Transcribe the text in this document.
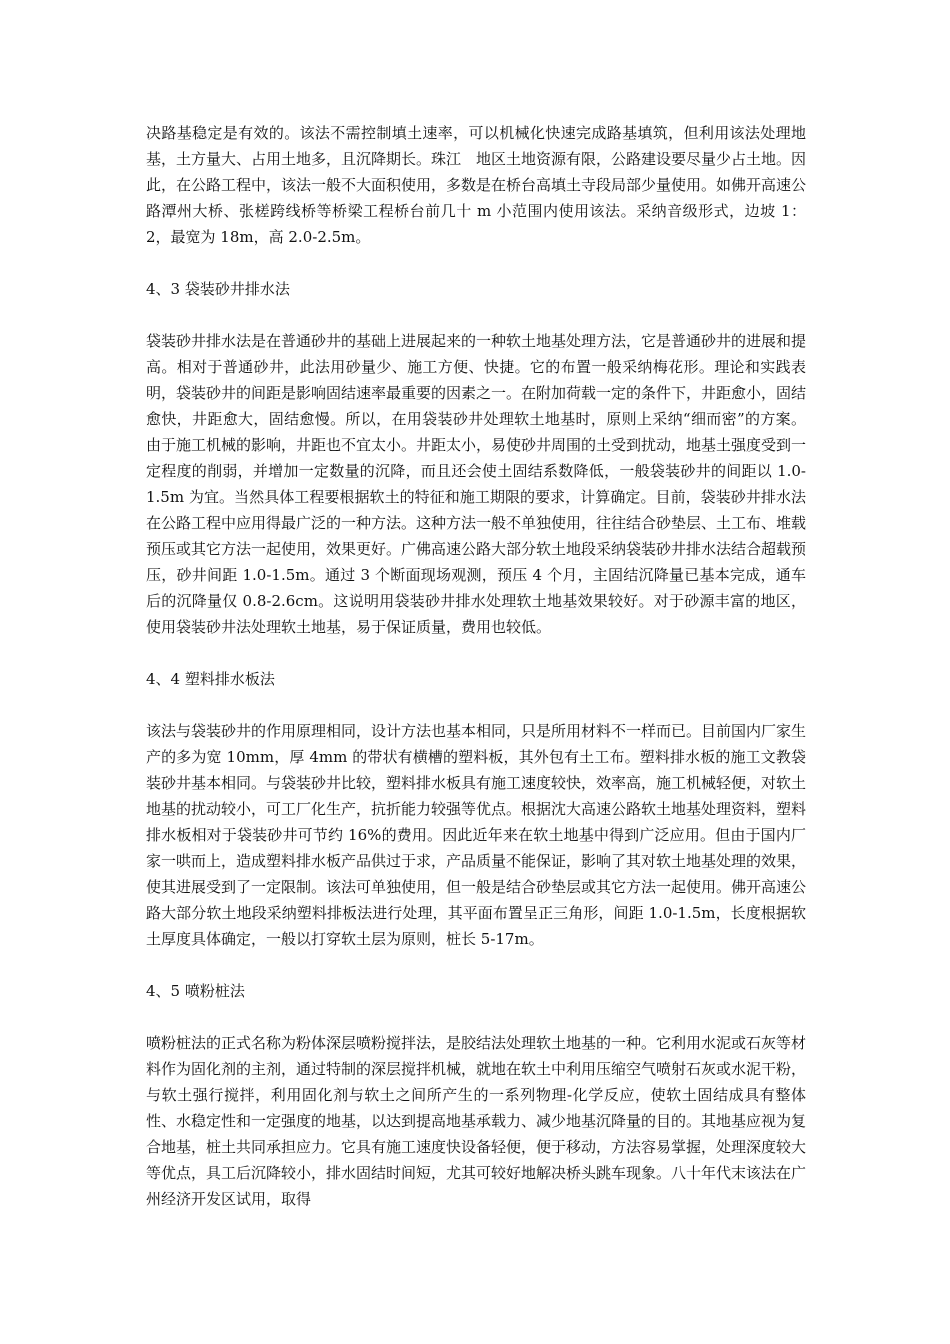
决路基稳定是有效的。该法不需控制填土速率，可以机械化快速完成路基填筑，但利用该法处理地基，土方量大、占用土地多，且沉降期长。珠江　地区土地资源有限，公路建设要尽量少占土地。因此，在公路工程中，该法一般不大面积使用，多数是在桥台高填土寺段局部少量使用。如佛开高速公路潭州大桥、张槎跨线桥等桥梁工程桥台前几十 m 小范围内使用该法。采纳音级形式，边坡 1：2，最宽为 18m，高 2.0-2.5m。

4、3 袋装砂井排水法

袋装砂井排水法是在普通砂井的基础上进展起来的一种软土地基处理方法，它是普通砂井的进展和提高。相对于普通砂井，此法用砂量少、施工方便、快捷。它的布置一般采纳梅花形。理论和实践表明，袋装砂井的间距是影响固结速率最重要的因素之一。在附加荷载一定的条件下，井距愈小，固结愈快，井距愈大，固结愈慢。所以，在用袋装砂井处理软土地基时，原则上采纳“细而密”的方案。由于施工机械的影响，井距也不宜太小。井距太小，易使砂井周围的土受到扰动，地基土强度受到一定程度的削弱，并增加一定数量的沉降，而且还会使土固结系数降低，一般袋装砂井的间距以 1.0-1.5m 为宜。当然具体工程要根据软土的特征和施工期限的要求，计算确定。目前，袋装砂井排水法在公路工程中应用得最广泛的一种方法。这种方法一般不单独使用，往往结合砂垫层、土工布、堆载预压或其它方法一起使用，效果更好。广佛高速公路大部分软土地段采纳袋装砂井排水法结合超载预压，砂井间距 1.0-1.5m。通过 3 个断面现场观测，预压 4 个月，主固结沉降量已基本完成，通车后的沉降量仅 0.8-2.6cm。这说明用袋装砂井排水处理软土地基效果较好。对于砂源丰富的地区，使用袋装砂井法处理软土地基，易于保证质量，费用也较低。

4、4 塑料排水板法

该法与袋装砂井的作用原理相同，设计方法也基本相同，只是所用材料不一样而已。目前国内厂家生产的多为宽 10mm，厚 4mm 的带状有横槽的塑料板，其外包有土工布。塑料排水板的施工文教袋装砂井基本相同。与袋装砂井比较，塑料排水板具有施工速度较快，效率高，施工机械轻便，对软土地基的扰动较小，可工厂化生产，抗折能力较强等优点。根据沈大高速公路软土地基处理资料，塑料排水板相对于袋装砂井可节约 16%的费用。因此近年来在软土地基中得到广泛应用。但由于国内厂家一哄而上，造成塑料排水板产品供过于求，产品质量不能保证，影响了其对软土地基处理的效果，使其进展受到了一定限制。该法可单独使用，但一般是结合砂垫层或其它方法一起使用。佛开高速公路大部分软土地段采纳塑料排板法进行处理，其平面布置呈正三角形，间距 1.0-1.5m，长度根据软土厚度具体确定，一般以打穿软土层为原则，桩长 5-17m。

4、5 喷粉桩法

喷粉桩法的正式名称为粉体深层喷粉搅拌法，是胶结法处理软土地基的一种。它利用水泥或石灰等材料作为固化剂的主剂，通过特制的深层搅拌机械，就地在软土中利用压缩空气喷射石灰或水泥干粉，与软土强行搅拌，利用固化剂与软土之间所产生的一系列物理-化学反应，使软土固结成具有整体性、水稳定性和一定强度的地基，以达到提高地基承载力、减少地基沉降量的目的。其地基应视为复合地基，桩土共同承担应力。它具有施工速度快设备轻便，便于移动，方法容易掌握，处理深度较大等优点，具工后沉降较小，排水固结时间短，尤其可较好地解决桥头跳车现象。八十年代末该法在广州经济开发区试用，取得
